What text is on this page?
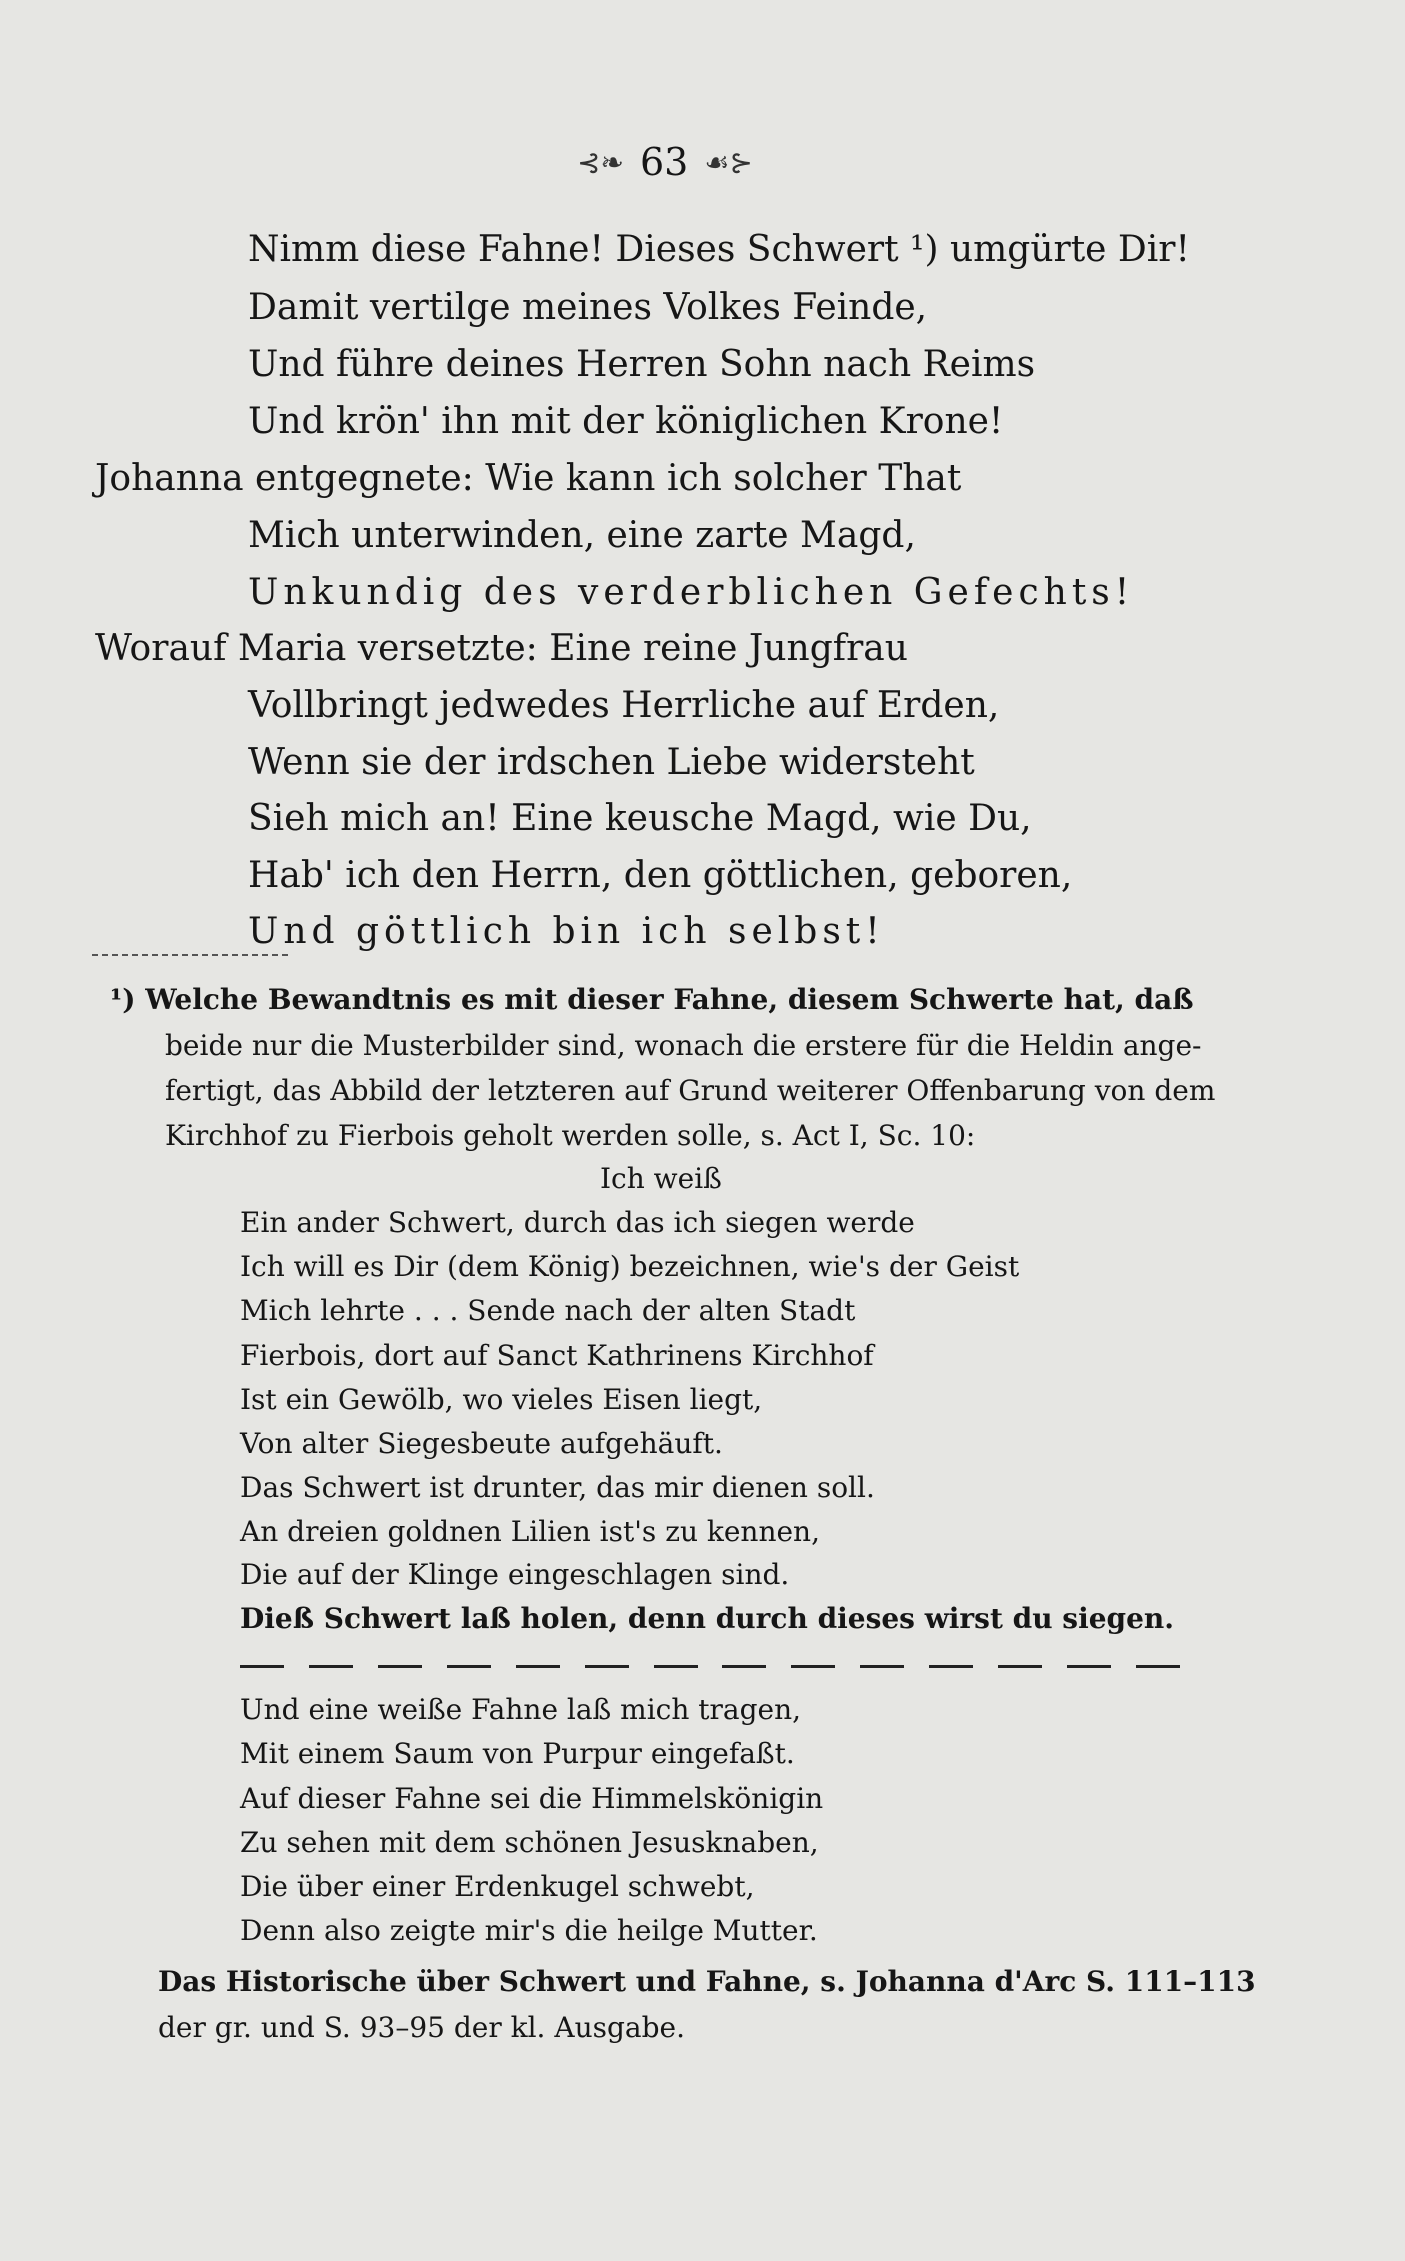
⊰❧ 63 ☙⊱
Nimm diese Fahne! Dieses Schwert ¹) umgürte Dir!
Damit vertilge meines Volkes Feinde,
Und führe deines Herren Sohn nach Reims
Und krön' ihn mit der königlichen Krone!
Johanna entgegnete: Wie kann ich solcher That
Mich unterwinden, eine zarte Magd,
Unkundig des verderblichen Gefechts!
Worauf Maria versetzte: Eine reine Jungfrau
Vollbringt jedwedes Herrliche auf Erden,
Wenn sie der irdschen Liebe widersteht
Sieh mich an! Eine keusche Magd, wie Du,
Hab' ich den Herrn, den göttlichen, geboren,
Und göttlich bin ich selbst!
¹) Welche Bewandtnis es mit dieser Fahne, diesem Schwerte hat, daß
beide nur die Musterbilder sind, wonach die erstere für die Heldin ange-
fertigt, das Abbild der letzteren auf Grund weiterer Offenbarung von dem
Kirchhof zu Fierbois geholt werden solle, s. Act I, Sc. 10:
Ich weiß
Ein ander Schwert, durch das ich siegen werde
Ich will es Dir (dem König) bezeichnen, wie's der Geist
Mich lehrte . . . Sende nach der alten Stadt
Fierbois, dort auf Sanct Kathrinens Kirchhof
Ist ein Gewölb, wo vieles Eisen liegt,
Von alter Siegesbeute aufgehäuft.
Das Schwert ist drunter, das mir dienen soll.
An dreien goldnen Lilien ist's zu kennen,
Die auf der Klinge eingeschlagen sind.
Dieß Schwert laß holen, denn durch dieses wirst du siegen.
Und eine weiße Fahne laß mich tragen,
Mit einem Saum von Purpur eingefaßt.
Auf dieser Fahne sei die Himmelskönigin
Zu sehen mit dem schönen Jesusknaben,
Die über einer Erdenkugel schwebt,
Denn also zeigte mir's die heilge Mutter.
Das Historische über Schwert und Fahne, s. Johanna d'Arc S. 111–113
der gr. und S. 93–95 der kl. Ausgabe.
